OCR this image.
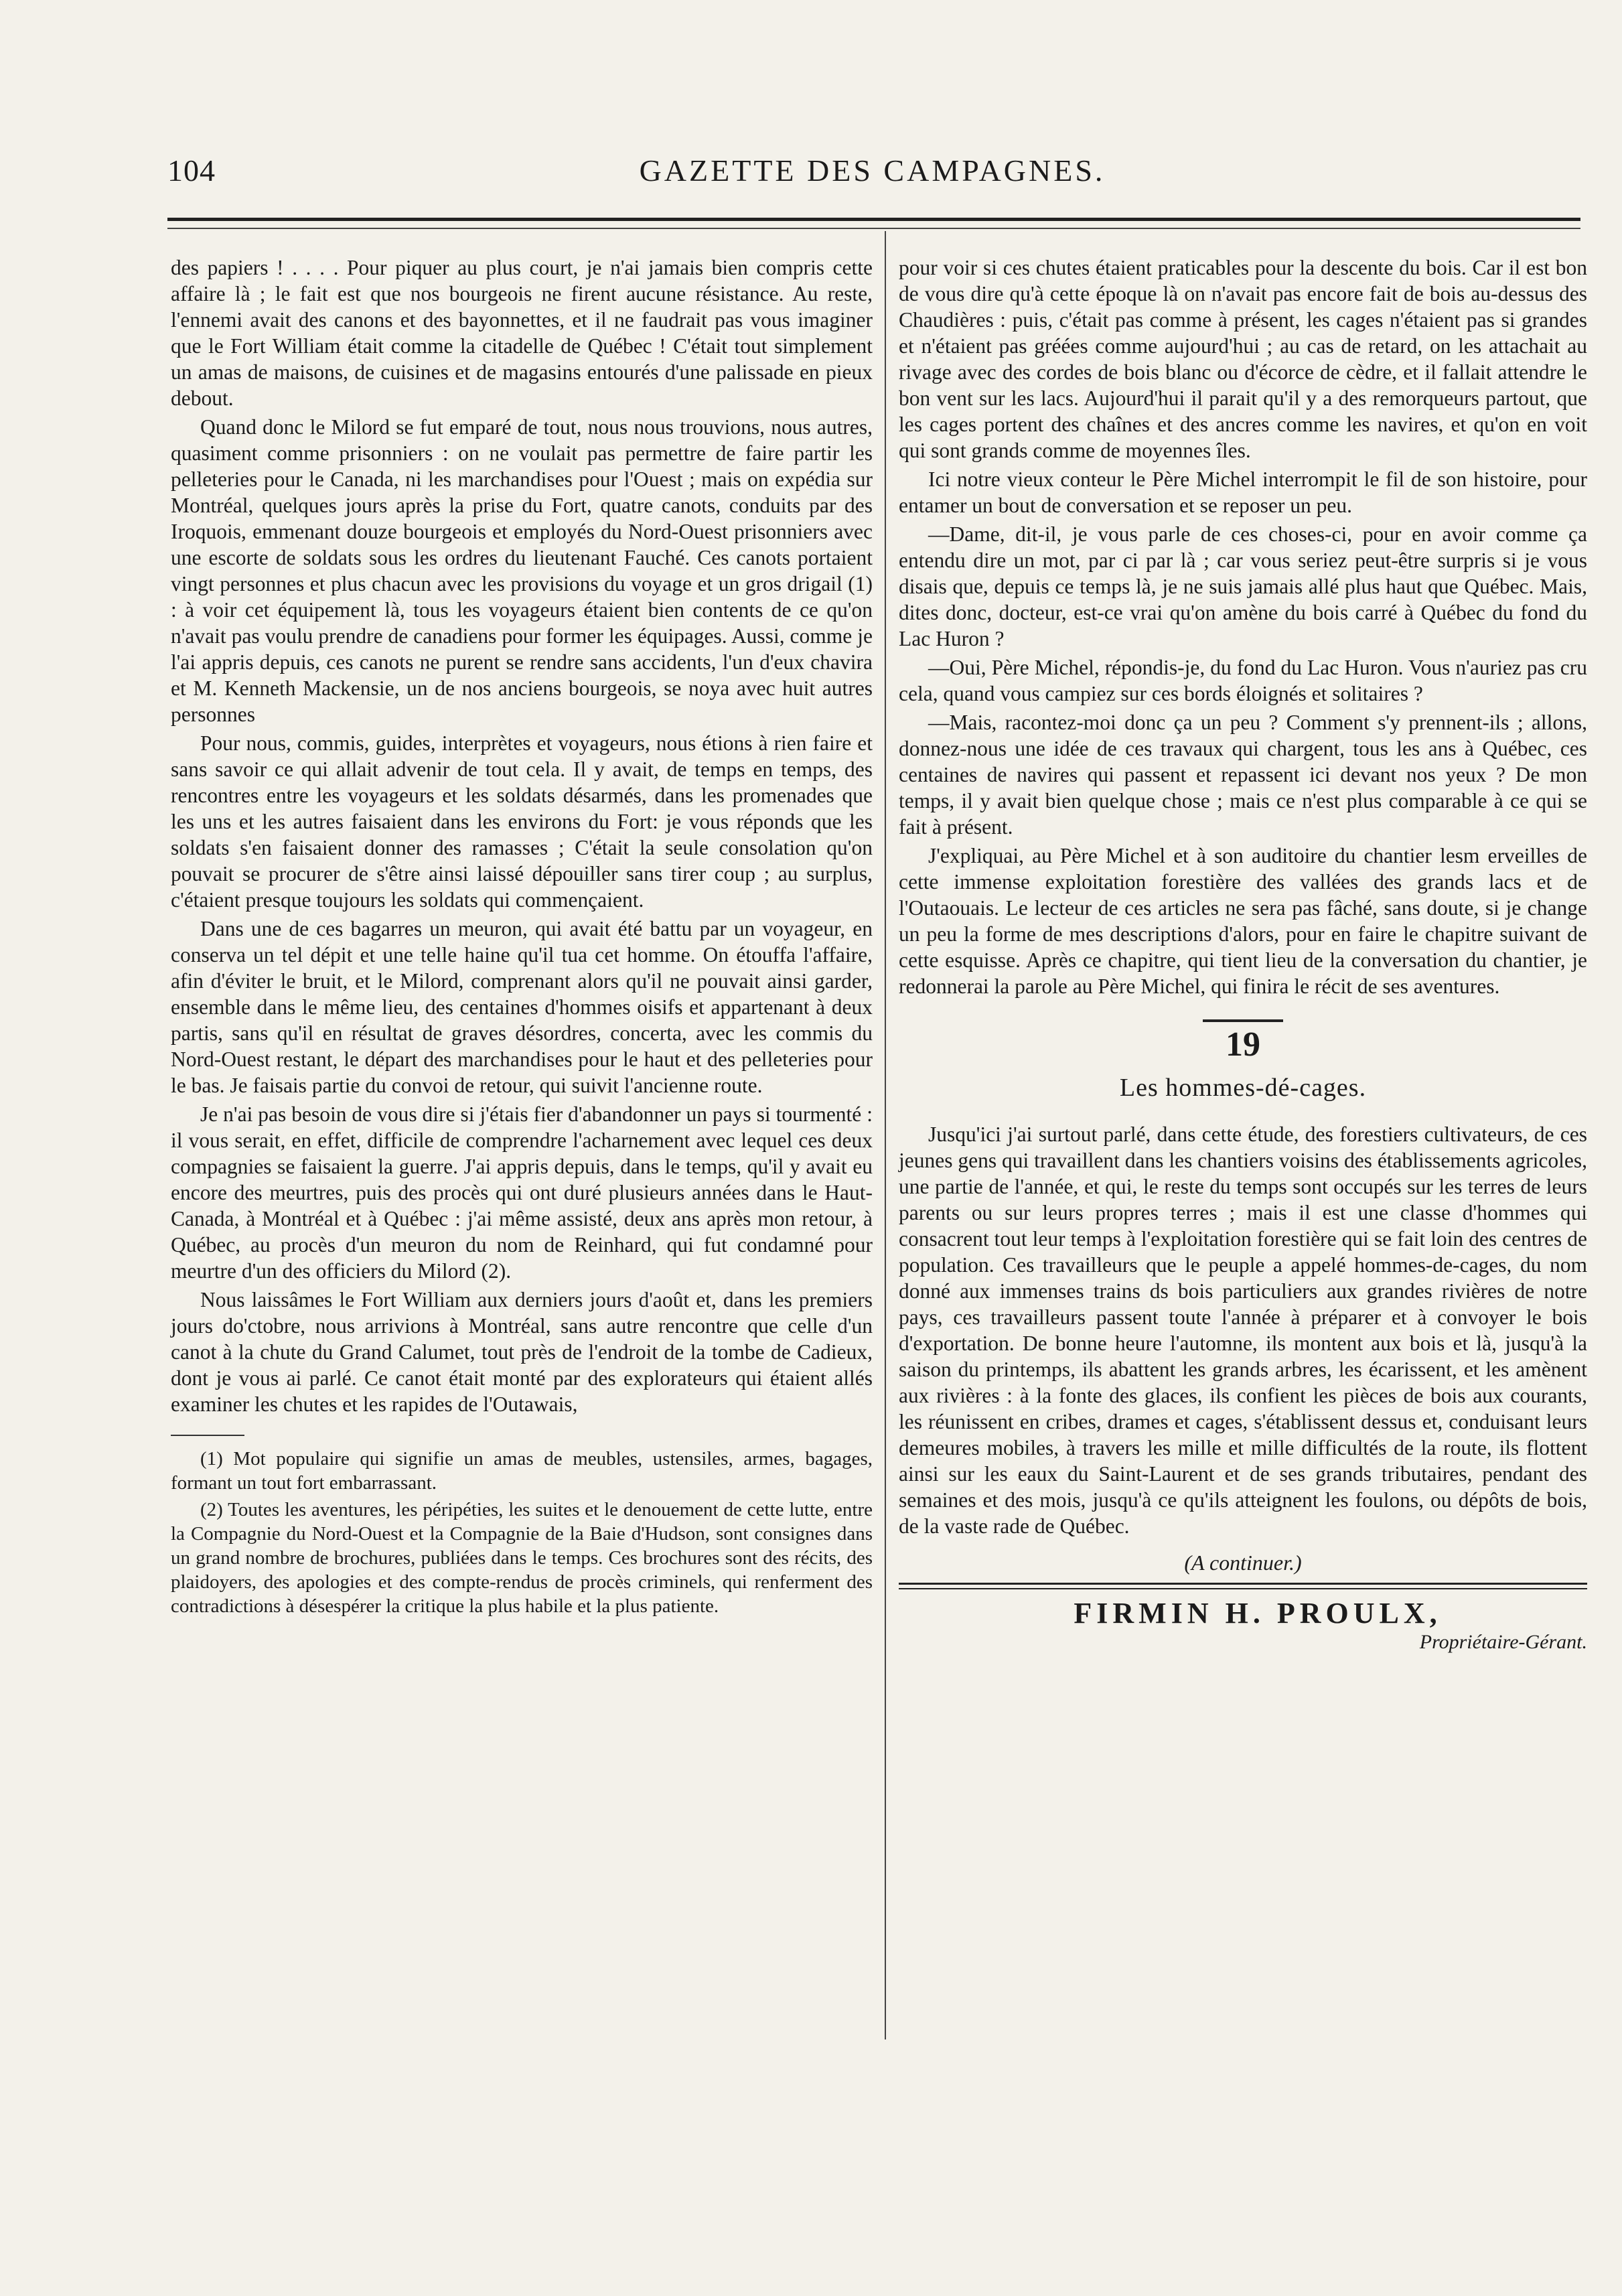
104	GAZETTE DES CAMPAGNES.

des papiers ! . . . . Pour piquer au plus court, je n'ai jamais bien compris cette affaire là ; le fait est que nos bourgeois ne firent aucune résistance. Au reste, l'ennemi avait des canons et des bayonnettes, et il ne faudrait pas vous imaginer que le Fort William était comme la citadelle de Québec ! C'était tout simplement un amas de maisons, de cuisines et de magasins entourés d'une palissade en pieux debout.

Quand donc le Milord se fut emparé de tout, nous nous trouvions, nous autres, quasiment comme prisonniers : on ne voulait pas permettre de faire partir les pelleteries pour le Canada, ni les marchandises pour l'Ouest ; mais on expédia sur Montréal, quelques jours après la prise du Fort, quatre canots, conduits par des Iroquois, emmenant douze bourgeois et employés du Nord-Ouest prisonniers avec une escorte de soldats sous les ordres du lieutenant Fauché. Ces canots portaient vingt personnes et plus chacun avec les provisions du voyage et un gros drigail (1) : à voir cet équipement là, tous les voyageurs étaient bien contents de ce qu'on n'avait pas voulu prendre de canadiens pour former les équipages. Aussi, comme je l'ai appris depuis, ces canots ne purent se rendre sans accidents, l'un d'eux chavira et M. Kenneth Mackensie, un de nos anciens bourgeois, se noya avec huit autres personnes

Pour nous, commis, guides, interprètes et voyageurs, nous étions à rien faire et sans savoir ce qui allait advenir de tout cela. Il y avait, de temps en temps, des rencontres entre les voyageurs et les soldats désarmés, dans les promenades que les uns et les autres faisaient dans les environs du Fort: je vous réponds que les soldats s'en faisaient donner des ramasses ; C'était la seule consolation qu'on pouvait se procurer de s'être ainsi laissé dépouiller sans tirer coup ; au surplus, c'étaient presque toujours les soldats qui commençaient.

Dans une de ces bagarres un meuron, qui avait été battu par un voyageur, en conserva un tel dépit et une telle haine qu'il tua cet homme. On étouffa l'affaire, afin d'éviter le bruit, et le Milord, comprenant alors qu'il ne pouvait ainsi garder, ensemble dans le même lieu, des centaines d'hommes oisifs et appartenant à deux partis, sans qu'il en résultat de graves désordres, concerta, avec les commis du Nord-Ouest restant, le départ des marchandises pour le haut et des pelleteries pour le bas. Je faisais partie du convoi de retour, qui suivit l'ancienne route.

Je n'ai pas besoin de vous dire si j'étais fier d'abandonner un pays si tourmenté : il vous serait, en effet, difficile de comprendre l'acharnement avec lequel ces deux compagnies se faisaient la guerre. J'ai appris depuis, dans le temps, qu'il y avait eu encore des meurtres, puis des procès qui ont duré plusieurs années dans le Haut-Canada, à Montréal et à Québec : j'ai même assisté, deux ans après mon retour, à Québec, au procès d'un meuron du nom de Reinhard, qui fut condamné pour meurtre d'un des officiers du Milord (2).

Nous laissâmes le Fort William aux derniers jours d'août et, dans les premiers jours do'ctobre, nous arrivions à Montréal, sans autre rencontre que celle d'un canot à la chute du Grand Calumet, tout près de l'endroit de la tombe de Cadieux, dont je vous ai parlé. Ce canot était monté par des explorateurs qui étaient allés examiner les chutes et les rapides de l'Outawais,

(1) Mot populaire qui signifie un amas de meubles, ustensiles, armes, bagages, formant un tout fort embarrassant.

(2) Toutes les aventures, les péripéties, les suites et le denouement de cette lutte, entre la Compagnie du Nord-Ouest et la Compagnie de la Baie d'Hudson, sont consignes dans un grand nombre de brochures, publiées dans le temps. Ces brochures sont des récits, des plaidoyers, des apologies et des compte-rendus de procès criminels, qui renferment des contradictions à désespérer la critique la plus habile et la plus patiente.

pour voir si ces chutes étaient praticables pour la descente du bois. Car il est bon de vous dire qu'à cette époque là on n'avait pas encore fait de bois au-dessus des Chaudières : puis, c'était pas comme à présent, les cages n'étaient pas si grandes et n'étaient pas gréées comme aujourd'hui ; au cas de retard, on les attachait au rivage avec des cordes de bois blanc ou d'écorce de cèdre, et il fallait attendre le bon vent sur les lacs. Aujourd'hui il parait qu'il y a des remorqueurs partout, que les cages portent des chaînes et des ancres comme les navires, et qu'on en voit qui sont grands comme de moyennes îles.

Ici notre vieux conteur le Père Michel interrompit le fil de son histoire, pour entamer un bout de conversation et se reposer un peu.

—Dame, dit-il, je vous parle de ces choses-ci, pour en avoir comme ça entendu dire un mot, par ci par là ; car vous seriez peut-être surpris si je vous disais que, depuis ce temps là, je ne suis jamais allé plus haut que Québec. Mais, dites donc, docteur, est-ce vrai qu'on amène du bois carré à Québec du fond du Lac Huron ?

—Oui, Père Michel, répondis-je, du fond du Lac Huron. Vous n'auriez pas cru cela, quand vous campiez sur ces bords éloignés et solitaires ?

—Mais, racontez-moi donc ça un peu ? Comment s'y prennent-ils ; allons, donnez-nous une idée de ces travaux qui chargent, tous les ans à Québec, ces centaines de navires qui passent et repassent ici devant nos yeux ? De mon temps, il y avait bien quelque chose ; mais ce n'est plus comparable à ce qui se fait à présent.

J'expliquai, au Père Michel et à son auditoire du chantier lesm erveilles de cette immense exploitation forestière des vallées des grands lacs et de l'Outaouais. Le lecteur de ces articles ne sera pas fâché, sans doute, si je change un peu la forme de mes descriptions d'alors, pour en faire le chapitre suivant de cette esquisse. Après ce chapitre, qui tient lieu de la conversation du chantier, je redonnerai la parole au Père Michel, qui finira le récit de ses aventures.

19
Les hommes-dé-cages.

Jusqu'ici j'ai surtout parlé, dans cette étude, des forestiers cultivateurs, de ces jeunes gens qui travaillent dans les chantiers voisins des établissements agricoles, une partie de l'année, et qui, le reste du temps sont occupés sur les terres de leurs parents ou sur leurs propres terres ; mais il est une classe d'hommes qui consacrent tout leur temps à l'exploitation forestière qui se fait loin des centres de population. Ces travailleurs que le peuple a appelé hommes-de-cages, du nom donné aux immenses trains ds bois particuliers aux grandes rivières de notre pays, ces travailleurs passent toute l'année à préparer et à convoyer le bois d'exportation. De bonne heure l'automne, ils montent aux bois et là, jusqu'à la saison du printemps, ils abattent les grands arbres, les écarissent, et les amènent aux rivières : à la fonte des glaces, ils confient les pièces de bois aux courants, les réunissent en cribes, drames et cages, s'établissent dessus et, conduisant leurs demeures mobiles, à travers les mille et mille difficultés de la route, ils flottent ainsi sur les eaux du Saint-Laurent et de ses grands tributaires, pendant des semaines et des mois, jusqu'à ce qu'ils atteignent les foulons, ou dépôts de bois, de la vaste rade de Québec.

(A continuer.)

FIRMIN H. PROULX,

Propriétaire-Gérant.
